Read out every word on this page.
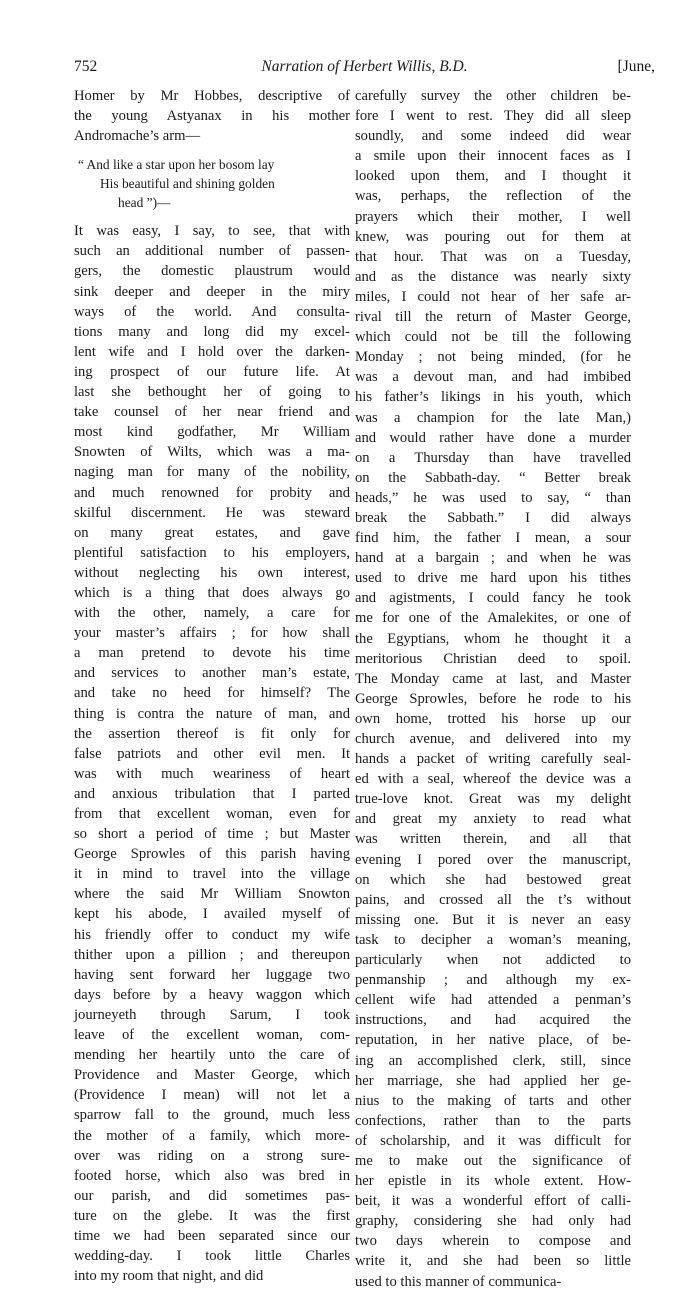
752	Narration of Herbert Willis, B.D.	[June,
Homer by Mr Hobbes, descriptive of
the young Astyanax in his mother
Andromache’s arm—
“ And like a star upon her bosom lay
His beautiful and shining golden
head ”)—
It was easy, I say, to see, that with
such an additional number of passen-
gers, the domestic plaustrum would
sink deeper and deeper in the miry
ways of the world. And consulta-
tions many and long did my excel-
lent wife and I hold over the darken-
ing prospect of our future life. At
last she bethought her of going to
take counsel of her near friend and
most kind godfather, Mr William
Snowten of Wilts, which was a ma-
naging man for many of the nobility,
and much renowned for probity and
skilful discernment. He was steward
on many great estates, and gave
plentiful satisfaction to his employers,
without neglecting his own interest,
which is a thing that does always go
with the other, namely, a care for
your master’s affairs ; for how shall
a man pretend to devote his time
and services to another man’s estate,
and take no heed for himself? The
thing is contra the nature of man, and
the assertion thereof is fit only for
false patriots and other evil men. It
was with much weariness of heart
and anxious tribulation that I parted
from that excellent woman, even for
so short a period of time ; but Master
George Sprowles of this parish having
it in mind to travel into the village
where the said Mr William Snowton
kept his abode, I availed myself of
his friendly offer to conduct my wife
thither upon a pillion ; and thereupon
having sent forward her luggage two
days before by a heavy waggon which
journeyeth through Sarum, I took
leave of the excellent woman, com-
mending her heartily unto the care of
Providence and Master George, which
(Providence I mean) will not let a
sparrow fall to the ground, much less
the mother of a family, which more-
over was riding on a strong sure-
footed horse, which also was bred in
our parish, and did sometimes pas-
ture on the glebe. It was the first
time we had been separated since our
wedding-day. I took little Charles
into my room that night, and did
carefully survey the other children be-
fore I went to rest. They did all sleep
soundly, and some indeed did wear
a smile upon their innocent faces as I
looked upon them, and I thought it
was, perhaps, the reflection of the
prayers which their mother, I well
knew, was pouring out for them at
that hour. That was on a Tuesday,
and as the distance was nearly sixty
miles, I could not hear of her safe ar-
rival till the return of Master George,
which could not be till the following
Monday ; not being minded, (for he
was a devout man, and had imbibed
his father’s likings in his youth, which
was a champion for the late Man,)
and would rather have done a murder
on a Thursday than have travelled
on the Sabbath-day. “ Better break
heads,” he was used to say, “ than
break the Sabbath.” I did always
find him, the father I mean, a sour
hand at a bargain ; and when he was
used to drive me hard upon his tithes
and agistments, I could fancy he took
me for one of the Amalekites, or one of
the Egyptians, whom he thought it a
meritorious Christian deed to spoil.
The Monday came at last, and Master
George Sprowles, before he rode to his
own home, trotted his horse up our
church avenue, and delivered into my
hands a packet of writing carefully seal-
ed with a seal, whereof the device was a
true-love knot. Great was my delight
and great my anxiety to read what
was written therein, and all that
evening I pored over the manuscript,
on which she had bestowed great
pains, and crossed all the t’s without
missing one. But it is never an easy
task to decipher a woman’s meaning,
particularly when not addicted to
penmanship ; and although my ex-
cellent wife had attended a penman’s
instructions, and had acquired the
reputation, in her native place, of be-
ing an accomplished clerk, still, since
her marriage, she had applied her ge-
nius to the making of tarts and other
confections, rather than to the parts
of scholarship, and it was difficult for
me to make out the significance of
her epistle in its whole extent. How-
beit, it was a wonderful effort of calli-
graphy, considering she had only had
two days wherein to compose and
write it, and she had been so little
used to this manner of communica-
